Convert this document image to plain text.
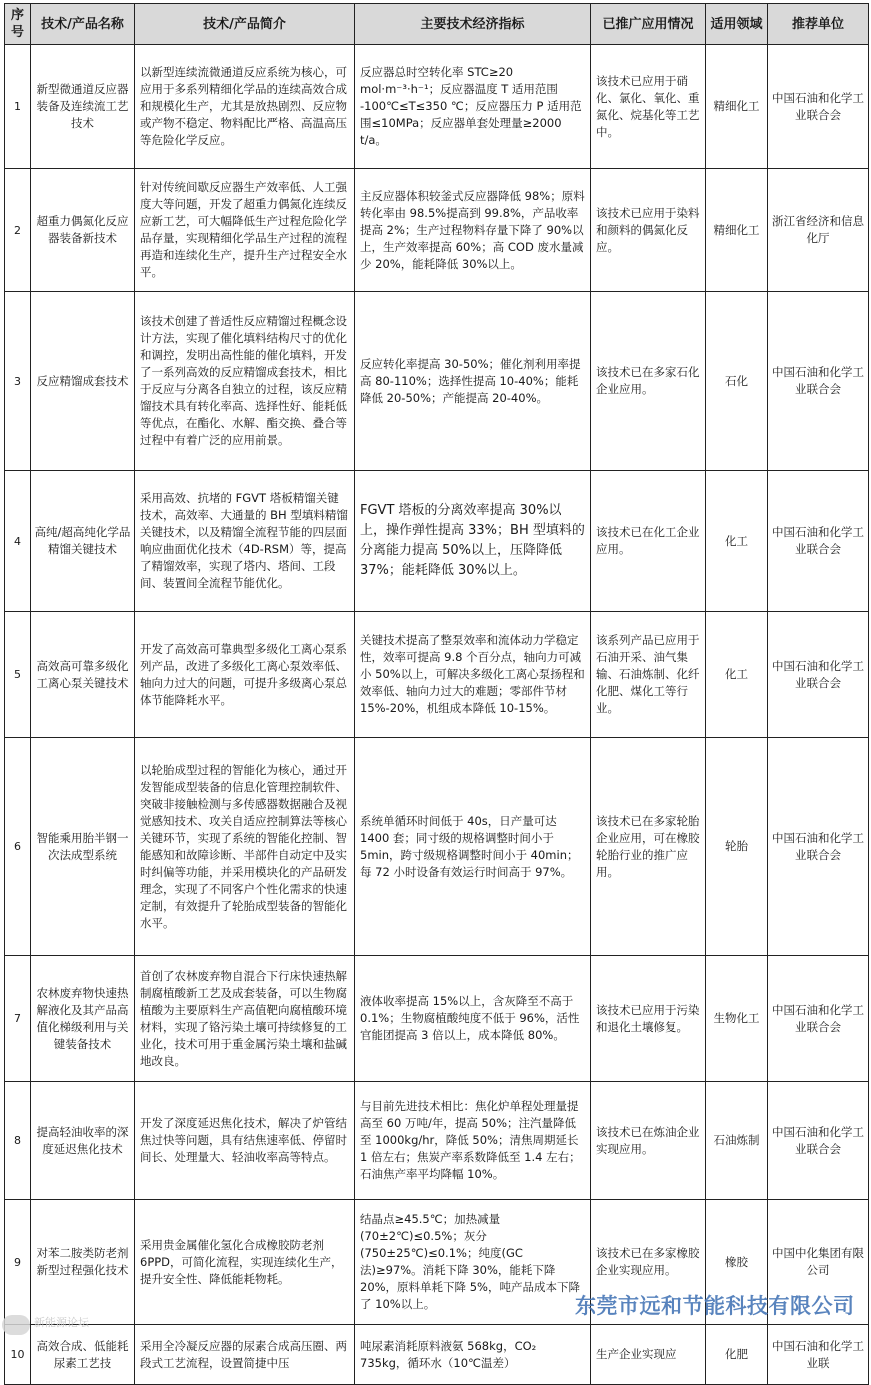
序号	技术/产品名称	技术/产品简介	主要技术经济指标	已推广应用情况	适用领域	推荐单位
1	新型微通道反应器装备及连续流工艺技术	以新型连续流微通道反应系统为核心，可应用于多系列精细化学品的连续高效合成和规模化生产，尤其是放热剧烈、反应物或产物不稳定、物料配比严格、高温高压等危险化学反应。	反应器总时空转化率 STC≥20 mol·m⁻³·h⁻¹；反应器温度 T 适用范围 -100℃≤T≤350 ℃；反应器压力 P 适用范围≤10MPa；反应器单套处理量≥2000 t/a。	该技术已应用于硝化、氯化、氧化、重氮化、烷基化等工艺中。	精细化工	中国石油和化学工业联合会
2	超重力偶氮化反应器装备新技术	针对传统间歇反应器生产效率低、人工强度大等问题，开发了超重力偶氮化连续反应新工艺，可大幅降低生产过程危险化学品存量，实现精细化学品生产过程的流程再造和连续化生产，提升生产过程安全水平。	主反应器体积较釜式反应器降低 98%；原料转化率由 98.5%提高到 99.8%，产品收率提高 2%；生产过程物料存量下降了 90%以上，生产效率提高 60%；高 COD 废水量减少 20%，能耗降低 30%以上。	该技术已应用于染料和颜料的偶氮化反应。	精细化工	浙江省经济和信息化厅
3	反应精馏成套技术	该技术创建了普适性反应精馏过程概念设计方法，实现了催化填料结构尺寸的优化和调控，发明出高性能的催化填料，开发了一系列高效的反应精馏成套技术，相比于反应与分离各自独立的过程，该反应精馏技术具有转化率高、选择性好、能耗低等优点，在酯化、水解、酯交换、叠合等过程中有着广泛的应用前景。	反应转化率提高 30-50%；催化剂利用率提高 80-110%；选择性提高 10-40%；能耗降低 20-50%；产能提高 20-40%。	该技术已在多家石化企业应用。	石化	中国石油和化学工业联合会
4	高纯/超高纯化学品精馏关键技术	采用高效、抗堵的 FGVT 塔板精馏关键技术，高效率、大通量的 BH 型填料精馏关键技术，以及精馏全流程节能的四层面响应曲面优化技术（4D-RSM）等，提高了精馏效率，实现了塔内、塔间、工段间、装置间全流程节能优化。	FGVT 塔板的分离效率提高 30%以上，操作弹性提高 33%；BH 型填料的分离能力提高 50%以上，压降降低 37%；能耗降低 30%以上。	该技术已在化工企业应用。	化工	中国石油和化学工业联合会
5	高效高可靠多级化工离心泵关键技术	开发了高效高可靠典型多级化工离心泵系列产品，改进了多级化工离心泵效率低、轴向力过大的问题，可提升多级离心泵总体节能降耗水平。	关键技术提高了整泵效率和流体动力学稳定性，效率可提高 9.8 个百分点，轴向力可减小 50%以上，可解决多级化工离心泵扬程和效率低、轴向力过大的难题；零部件节材 15%-20%，机组成本降低 10-15%。	该系列产品已应用于石油开采、油气集输、石油炼制、化纤化肥、煤化工等行业。	化工	中国石油和化学工业联合会
6	智能乘用胎半钢一次法成型系统	以轮胎成型过程的智能化为核心，通过开发智能成型装备的信息化管理控制软件、突破非接触检测与多传感器数据融合及视觉感知技术、攻关自适应控制算法等核心关键环节，实现了系统的智能化控制、智能感知和故障诊断、半部件自动定中及实时纠偏等功能，并采用模块化的产品研发理念，实现了不同客户个性化需求的快速定制，有效提升了轮胎成型装备的智能化水平。	系统单循环时间低于 40s，日产量可达 1400 套；同寸级的规格调整时间小于 5min，跨寸级规格调整时间小于 40min；每 72 小时设备有效运行时间高于 97%。	该技术已在多家轮胎企业应用，可在橡胶轮胎行业的推广应用。	轮胎	中国石油和化学工业联合会
7	农林废弃物快速热解液化及其产品高值化梯级利用与关键装备技术	首创了农林废弃物自混合下行床快速热解制腐植酸新工艺及成套装备，可以生物腐植酸为主要原料生产高值靶向腐植酸环境材料，实现了铬污染土壤可持续修复的工业化，技术可用于重金属污染土壤和盐碱地改良。	液体收率提高 15%以上，含灰降至不高于 0.1%；生物腐植酸纯度不低于 96%，活性官能团提高 3 倍以上，成本降低 80%。	该技术已应用于污染和退化土壤修复。	生物化工	中国石油和化学工业联合会
8	提高轻油收率的深度延迟焦化技术	开发了深度延迟焦化技术，解决了炉管结焦过快等问题，具有结焦速率低、停留时间长、处理量大、轻油收率高等特点。	与目前先进技术相比：焦化炉单程处理量提高至 60 万吨/年，提高 50%；注汽量降低至 1000kg/hr，降低 50%；清焦周期延长 1 倍左右；焦炭产率系数降低至 1.4 左右；石油焦产率平均降幅 10%。	该技术已在炼油企业实现应用。	石油炼制	中国石油和化学工业联合会
9	对苯二胺类防老剂新型过程强化技术	采用贵金属催化氢化合成橡胶防老剂 6PPD，可简化流程，实现连续化生产，提升安全性、降低能耗物耗。	结晶点≥45.5℃；加热减量(70±2℃)≤0.5%；灰分(750±25℃)≤0.1%；纯度(GC 法)≥97%。消耗下降 30%，能耗下降 20%，原料单耗下降 5%，吨产品成本下降了 10%以上。	该技术已在多家橡胶企业实现应用。	橡胶	中国中化集团有限公司
10	高效合成、低能耗尿素工艺技	采用全冷凝反应器的尿素合成高压圈、两段式工艺流程，设置简捷中压	吨尿素消耗原料液氨 568kg，CO₂ 735kg，循环水（10℃温差）	生产企业实现应	化肥	中国石油和化学工业联
新能源论坛
东莞市远和节能科技有限公司
